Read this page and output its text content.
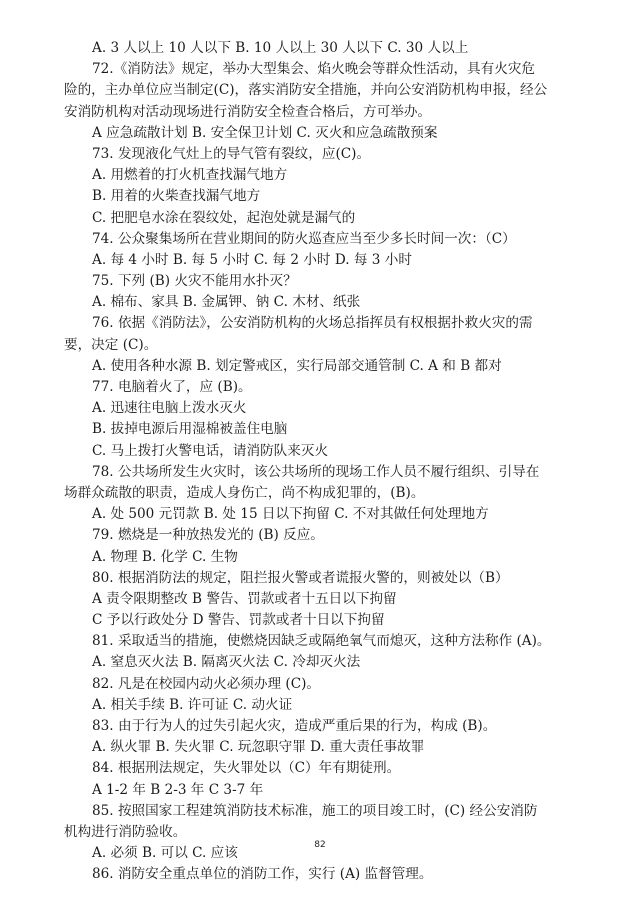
A. 3 人以上 10 人以下 B. 10 人以上 30 人以下 C. 30 人以上
72.《消防法》规定，举办大型集会、焰火晚会等群众性活动，具有火灾危
险的，主办单位应当制定(C)，落实消防安全措施，并向公安消防机构申报，经公
安消防机构对活动现场进行消防安全检查合格后，方可举办。
A 应急疏散计划 B. 安全保卫计划 C. 灭火和应急疏散预案
73. 发现液化气灶上的导气管有裂纹，应(C)。
A. 用燃着的打火机查找漏气地方
B. 用着的火柴查找漏气地方
C. 把肥皂水涂在裂纹处，起泡处就是漏气的
74. 公众聚集场所在营业期间的防火巡查应当至少多长时间一次：（C）
A. 每 4 小时 B. 每 5 小时 C. 每 2 小时 D. 每 3 小时
75. 下列 (B) 火灾不能用水扑灭？
A. 棉布、家具 B. 金属钾、钠 C. 木材、纸张
76. 依据《消防法》，公安消防机构的火场总指挥员有权根据扑救火灾的需
要，决定 (C)。
A. 使用各种水源 B. 划定警戒区，实行局部交通管制 C. A 和 B 都对
77. 电脑着火了，应 (B)。
A. 迅速往电脑上泼水灭火
B. 拔掉电源后用湿棉被盖住电脑
C. 马上拨打火警电话，请消防队来灭火
78. 公共场所发生火灾时，该公共场所的现场工作人员不履行组织、引导在
场群众疏散的职责，造成人身伤亡，尚不构成犯罪的，(B)。
A. 处 500 元罚款 B. 处 15 日以下拘留 C. 不对其做任何处理地方
79. 燃烧是一种放热发光的 (B) 反应。
A. 物理 B. 化学 C. 生物
80. 根据消防法的规定，阻拦报火警或者谎报火警的，则被处以（B）
A 责令限期整改 B 警告、罚款或者十五日以下拘留
C 予以行政处分 D 警告、罚款或者十日以下拘留
81. 采取适当的措施，使燃烧因缺乏或隔绝氧气而熄灭，这种方法称作 (A)。
A. 窒息灭火法 B. 隔离灭火法 C. 冷却灭火法
82. 凡是在校园内动火必须办理 (C)。
A. 相关手续 B. 许可证 C. 动火证
83. 由于行为人的过失引起火灾，造成严重后果的行为，构成 (B)。
A. 纵火罪 B. 失火罪 C. 玩忽职守罪 D. 重大责任事故罪
84. 根据刑法规定，失火罪处以（C）年有期徒刑。
A 1-2 年 B 2-3 年 C 3-7 年
85. 按照国家工程建筑消防技术标准，施工的项目竣工时，(C) 经公安消防
机构进行消防验收。
A. 必须 B. 可以 C. 应该
86. 消防安全重点单位的消防工作，实行 (A) 监督管理。
82
